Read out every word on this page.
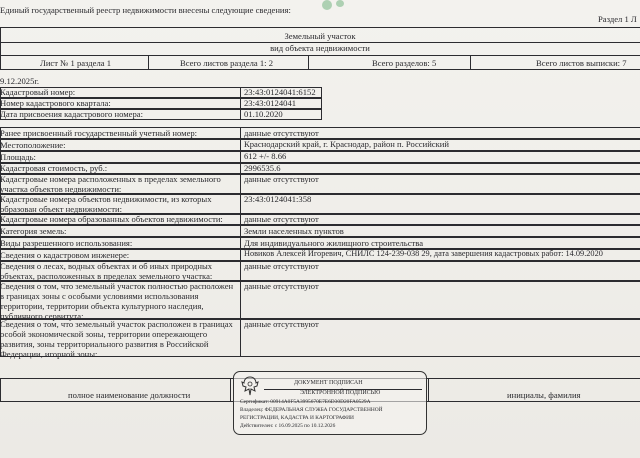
Единый государственный реестр недвижимости внесены следующие сведения:
Раздел 1 Л
Земельный участок
вид объекта недвижимости
Лист № 1 раздела 1	Всего листов раздела 1: 2	Всего разделов: 5	Всего листов выписки: 7
9.12.2025г.
Кадастровый номер:	23:43:0124041:6152
Номер кадастрового квартала:	23:43:0124041
Дата присвоения кадастрового номера:	01.10.2020
Ранее присвоенный государственный учетный номер:	данные отсутствуют
Местоположение:	Краснодарский край, г. Краснодар, район п. Российский
Площадь:	612 +/- 8.66
Кадастровая стоимость, руб.:	2996535.6
Кадастровые номера расположенных в пределах земельного участка объектов недвижимости:
данные отсутствуют
Кадастровые номера объектов недвижимости, из которых образован объект недвижимости:
23:43:0124041:358
Кадастровые номера образованных объектов недвижимости: данные отсутствуют
Категория земель:	Земли населенных пунктов
Виды разрешенного использования:	Для индивидуального жилищного строительства
Сведения о кадастровом инженере:	Новиков Алексей Игоревич, СНИЛС 124-239-038 29, дата завершения кадастровых работ: 14.09.2020
Сведения о лесах, водных объектах и об иных природных объектах, расположенных в пределах земельного участка:
данные отсутствуют
Сведения о том, что земельный участок полностью расположен в границах зоны с особыми условиями использования территории, территории объекта культурного наследия, публичного сервитута:
данные отсутствуют
Сведения о том, что земельный участок расположен в границах особой экономической зоны, территории опережающего развития, зоны территориального развития в Российской Федерации, игорной зоны:
данные отсутствуют
полное наименование должности	инициалы, фамилия
ДОКУМЕНТ ПОДПИСАН
ЭЛЕКТРОННОЙ ПОДПИСЬЮ
Сертификат: 00914A0F5A3995670E7E6D30D20FA0529A
Владелец: ФЕДЕРАЛЬНАЯ СЛУЖБА ГОСУДАРСТВЕННОЙ
РЕГИСТРАЦИИ, КАДАСТРА И КАРТОГРАФИИ
Действителен: с 16.09.2025 по 10.12.2026
